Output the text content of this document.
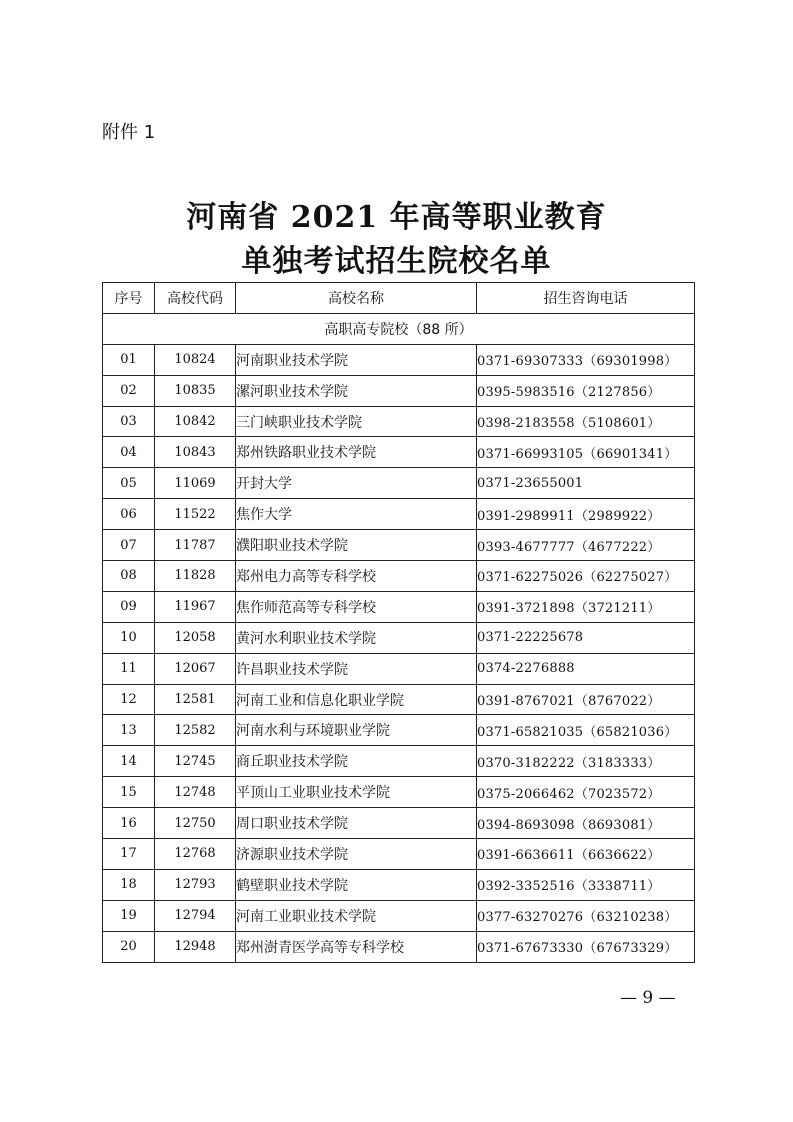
附件 1
河南省 2021 年高等职业教育
单独考试招生院校名单
序号	高校代码	高校名称	招生咨询电话
高职高专院校（88 所）			
01	10824	河南职业技术学院	0371-69307333（69301998）
02	10835	漯河职业技术学院	0395-5983516（2127856）
03	10842	三门峡职业技术学院	0398-2183558（5108601）
04	10843	郑州铁路职业技术学院	0371-66993105（66901341）
05	11069	开封大学	0371-23655001
06	11522	焦作大学	0391-2989911（2989922）
07	11787	濮阳职业技术学院	0393-4677777（4677222）
08	11828	郑州电力高等专科学校	0371-62275026（62275027）
09	11967	焦作师范高等专科学校	0391-3721898（3721211）
10	12058	黄河水利职业技术学院	0371-22225678
11	12067	许昌职业技术学院	0374-2276888
12	12581	河南工业和信息化职业学院	0391-8767021（8767022）
13	12582	河南水利与环境职业学院	0371-65821035（65821036）
14	12745	商丘职业技术学院	0370-3182222（3183333）
15	12748	平顶山工业职业技术学院	0375-2066462（7023572）
16	12750	周口职业技术学院	0394-8693098（8693081）
17	12768	济源职业技术学院	0391-6636611（6636622）
18	12793	鹤壁职业技术学院	0392-3352516（3338711）
19	12794	河南工业职业技术学院	0377-63270276（63210238）
20	12948	郑州澍青医学高等专科学校	0371-67673330（67673329）
— 9 —
